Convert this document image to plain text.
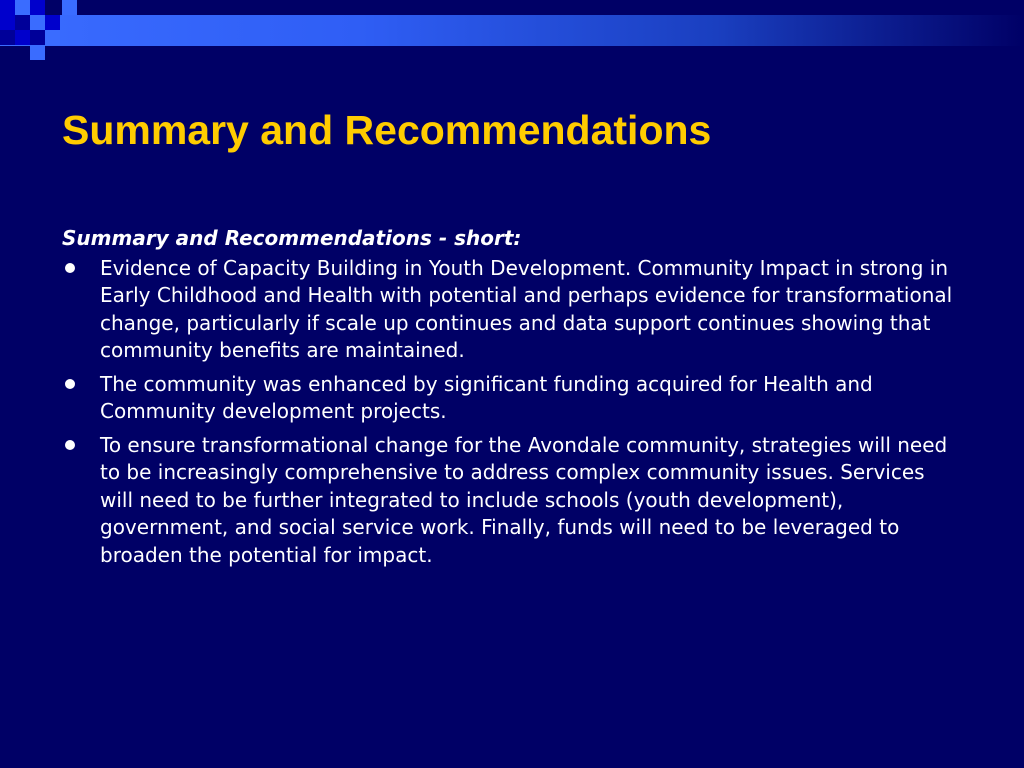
Summary and Recommendations

Summary and Recommendations - short:

Evidence of Capacity Building in Youth Development. Community Impact in strong in Early Childhood and Health with potential and perhaps evidence for transformational change, particularly if scale up continues and data support continues showing that community benefits are maintained.
The community was enhanced by significant funding acquired for Health and Community development projects.
To ensure transformational change for the Avondale community, strategies will need to be increasingly comprehensive to address complex community issues. Services will need to be further integrated to include schools (youth development), government, and social service work. Finally, funds will need to be leveraged to broaden the potential for impact.
